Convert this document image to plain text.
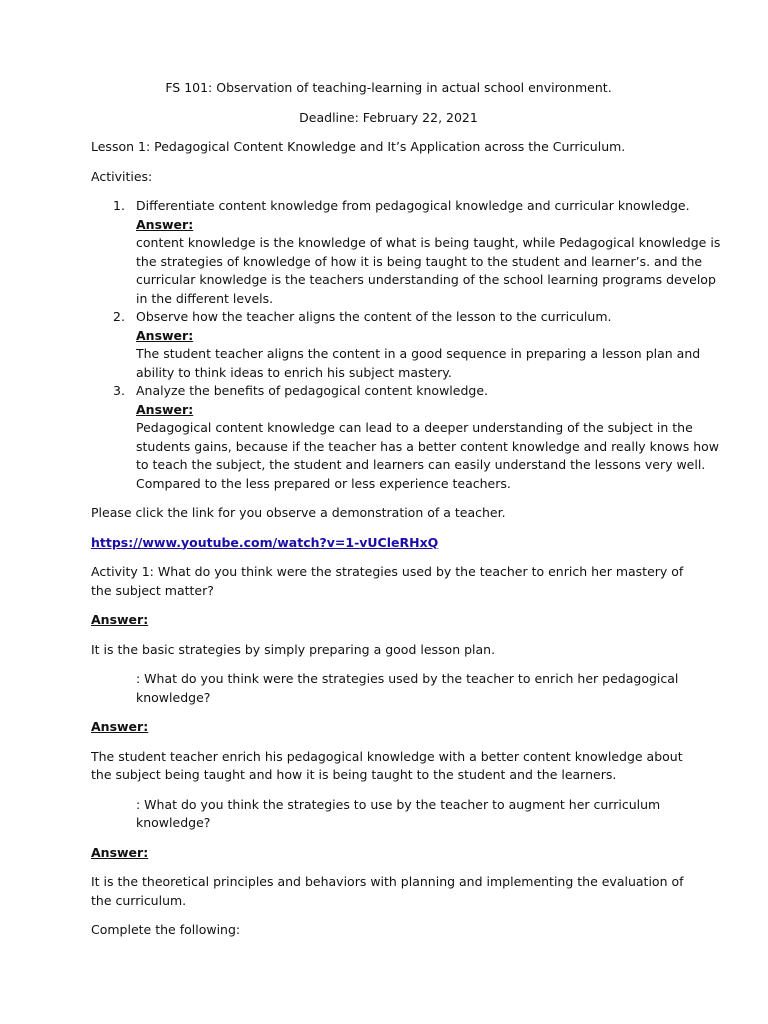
FS 101: Observation of teaching-learning in actual school environment.

Deadline: February 22, 2021

Lesson 1: Pedagogical Content Knowledge and It’s Application across the Curriculum.

Activities:

1. Differentiate content knowledge from pedagogical knowledge and curricular knowledge.

Answer:

content knowledge is the knowledge of what is being taught, while Pedagogical knowledge is the strategies of knowledge of how it is being taught to the student and learner’s. and the curricular knowledge is the teachers understanding of the school learning programs develop in the different levels.

2. Observe how the teacher aligns the content of the lesson to the curriculum.

Answer:

The student teacher aligns the content in a good sequence in preparing a lesson plan and ability to think ideas to enrich his subject mastery.

3. Analyze the benefits of pedagogical content knowledge.

Answer:

Pedagogical content knowledge can lead to a deeper understanding of the subject in the students gains, because if the teacher has a better content knowledge and really knows how to teach the subject, the student and learners can easily understand the lessons very well. Compared to the less prepared or less experience teachers.

Please click the link for you observe a demonstration of a teacher.

https://www.youtube.com/watch?v=1-vUCleRHxQ

Activity 1: What do you think were the strategies used by the teacher to enrich her mastery of the subject matter?

Answer:

It is the basic strategies by simply preparing a good lesson plan.

: What do you think were the strategies used by the teacher to enrich her pedagogical knowledge?

Answer:

The student teacher enrich his pedagogical knowledge with a better content knowledge about the subject being taught and how it is being taught to the student and the learners.

: What do you think the strategies to use by the teacher to augment her curriculum knowledge?

Answer:

It is the theoretical principles and behaviors with planning and implementing the evaluation of the curriculum.

Complete the following:
